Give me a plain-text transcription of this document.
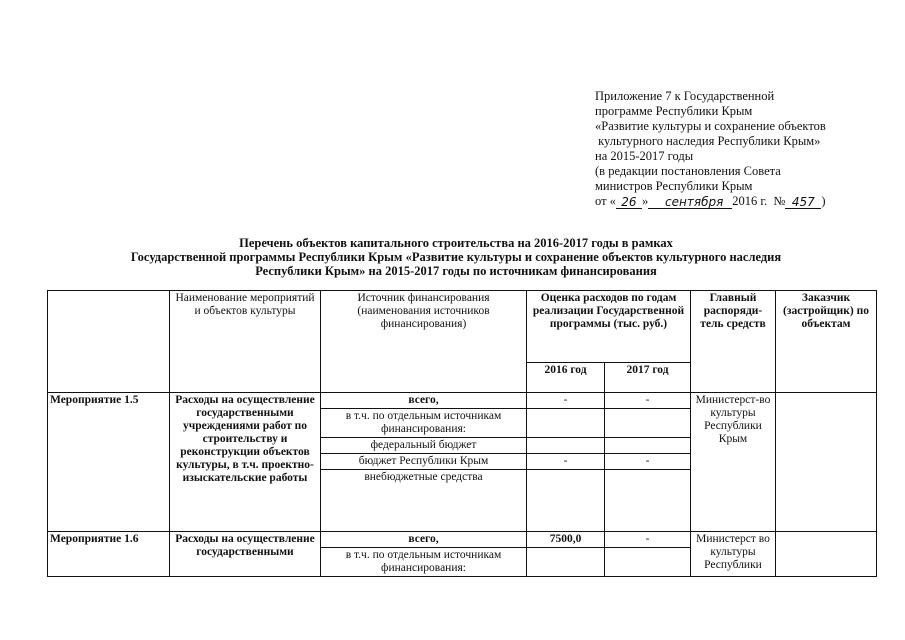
Приложение 7 к Государственной
программе Республики Крым
«Развитие культуры и сохранение объектов
культурного наследия Республики Крым»
на 2015-2017 годы
(в редакции постановления Совета
министров Республики Крым
от « 26 »	сентября 2016 г.  № 457 )
Перечень объектов капитального строительства на 2016-2017 годы в рамках
Государственной программы Республики Крым «Развитие культуры и сохранение объектов культурного наследия
Республики Крым» на 2015-2017 годы по источникам финансирования
	Наименование мероприятий и объектов культуры	Источник финансирования (наименования источников финансирования)	Оценка расходов по годам реализации Государственной программы (тыс. руб.)		Главный распоряди-тель средств	Заказчик (застройщик) по объектам
			2016 год	2017 год		
Мероприятие 1.5	Расходы на осуществление государственными учреждениями работ по строительству и реконструкции объектов культуры, в т.ч. проектно-изыскательские работы	всего,	-	-	Министерст-во культуры Республики Крым	
		в т.ч. по отдельным источникам финансирования:				
		федеральный бюджет				
		бюджет Республики Крым	-	-		
		внебюджетные средства				
Мероприятие 1.6	Расходы на осуществление государственными	всего,	7500,0	-	Министерст во культуры Республики	
		в т.ч. по отдельным источникам финансирования:				
